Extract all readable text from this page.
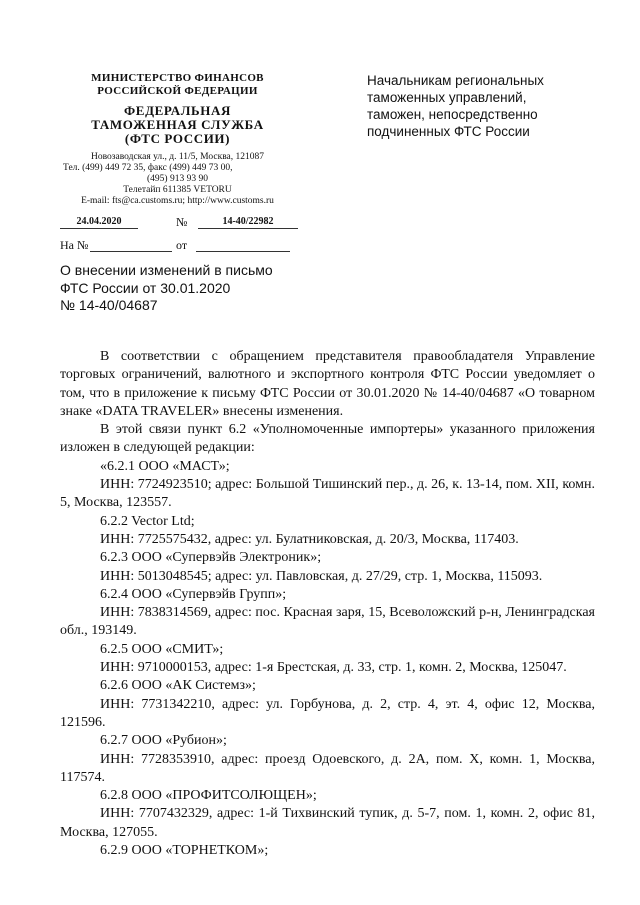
МИНИСТЕРСТВО ФИНАНСОВ
РОССИЙСКОЙ ФЕДЕРАЦИИ
ФЕДЕРАЛЬНАЯ
ТАМОЖЕННАЯ СЛУЖБА
(ФТС РОССИИ)
Новозаводская ул., д. 11/5, Москва, 121087
Тел. (499) 449 72 35, факс (499) 449 73 00,
(495) 913 93 90
Телетайп 611385 VETORU
E-mail: fts@ca.customs.ru; http://www.customs.ru
24.04.2020	№	14-40/22982
На №	от
Начальникам региональных
таможенных управлений,
таможен, непосредственно
подчиненных ФТС России
О внесении изменений в письмо
ФТС России от 30.01.2020
№ 14-40/04687

В соответствии с обращением представителя правообладателя Управление торговых ограничений, валютного и экспортного контроля ФТС России уведомляет о том, что в приложение к письму ФТС России от 30.01.2020 № 14-40/04687 «О товарном знаке «DATA TRAVELER» внесены изменения.

В этой связи пункт 6.2 «Уполномоченные импортеры» указанного приложения изложен в следующей редакции:

«6.2.1 ООО «МАСТ»;

ИНН: 7724923510; адрес: Большой Тишинский пер., д. 26, к. 13-14, пом. XII, комн. 5, Москва, 123557.

6.2.2 Vector Ltd;

ИНН: 7725575432, адрес: ул. Булатниковская, д. 20/3, Москва, 117403.

6.2.3 ООО «Супервэйв Электроник»;

ИНН: 5013048545; адрес: ул. Павловская, д. 27/29, стр. 1, Москва, 115093.

6.2.4 ООО «Супервэйв Групп»;

ИНН: 7838314569, адрес: пос. Красная заря, 15, Всеволожский р-н, Ленинградская обл., 193149.

6.2.5 ООО «СМИТ»;

ИНН: 9710000153, адрес: 1-я Брестская, д. 33, стр. 1, комн. 2, Москва, 125047.

6.2.6 ООО «АК Системз»;

ИНН: 7731342210, адрес: ул. Горбунова, д. 2, стр. 4, эт. 4, офис 12, Москва, 121596.

6.2.7 ООО «Рубион»;

ИНН: 7728353910, адрес: проезд Одоевского, д. 2А, пом. X, комн. 1, Москва, 117574.

6.2.8 ООО «ПРОФИТСОЛЮЩЕН»;

ИНН: 7707432329, адрес: 1-й Тихвинский тупик, д. 5-7, пом. 1, комн. 2, офис 81, Москва, 127055.

6.2.9 ООО «ТОРНЕТКОМ»;
